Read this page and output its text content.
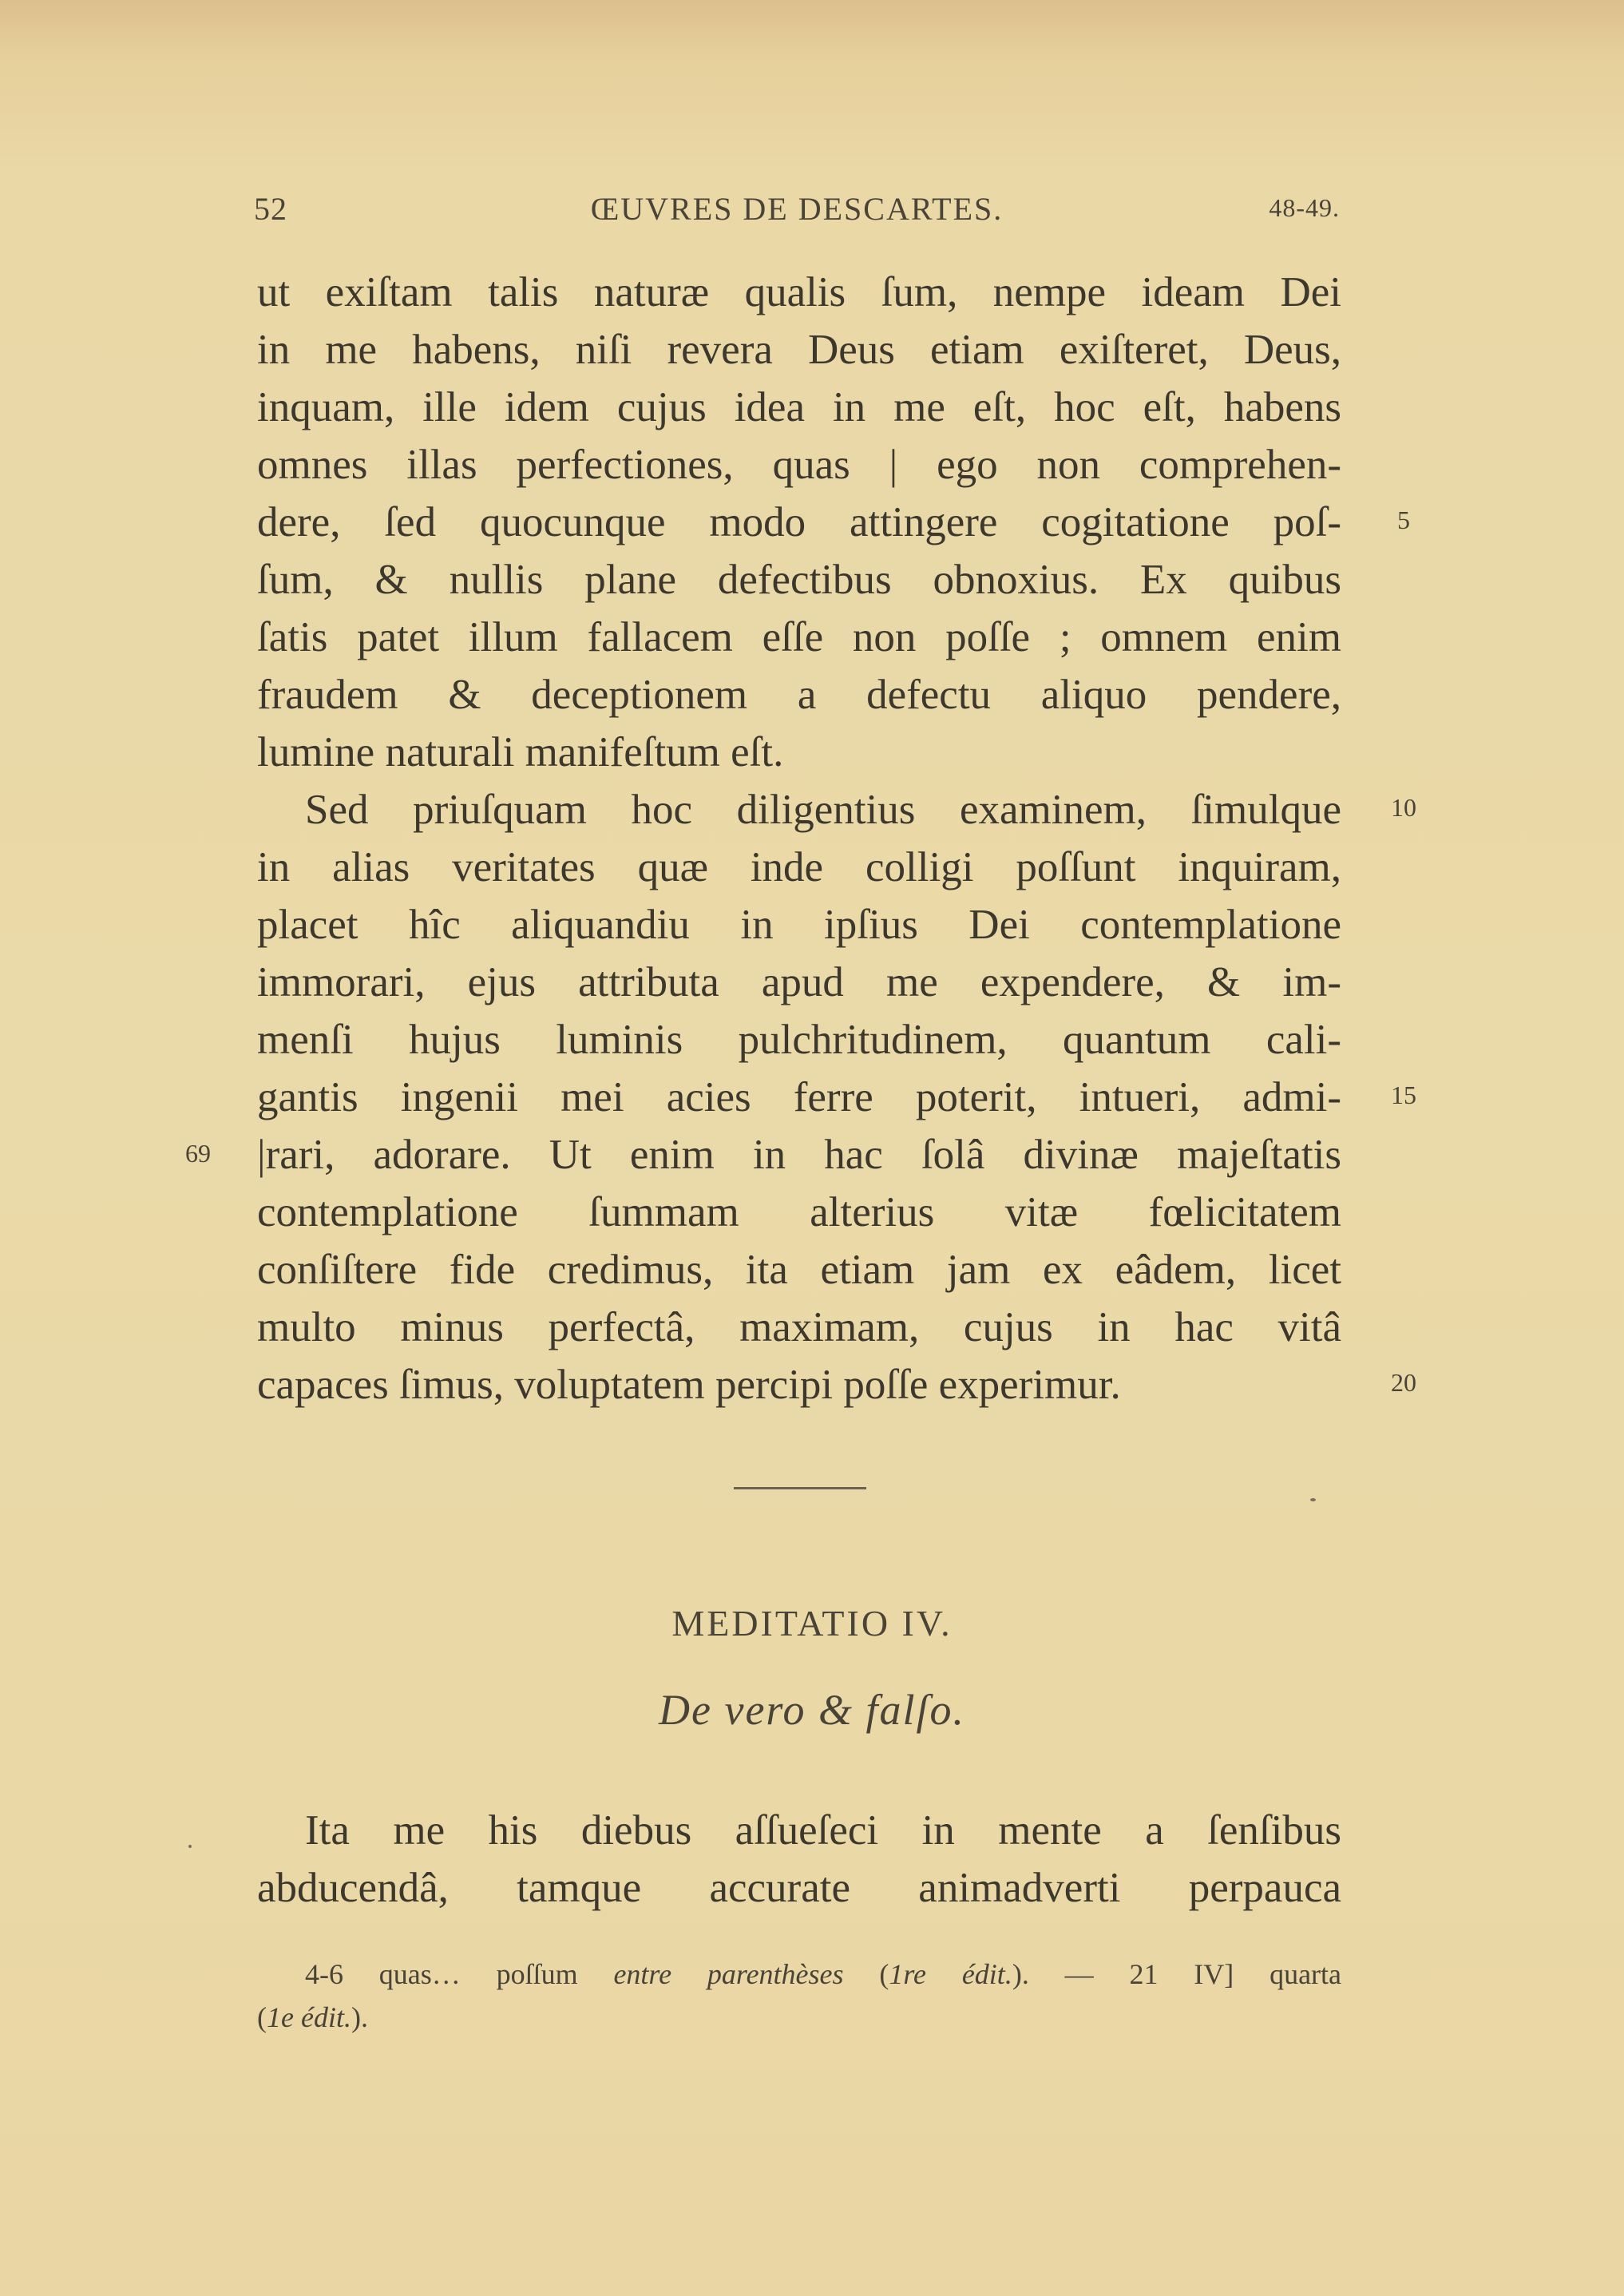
52	ŒUVRES DE DESCARTES.	48-49.
ut exiſtam talis naturæ qualis ſum, nempe ideam Dei
in me habens, niſi revera Deus etiam exiſteret, Deus,
inquam, ille idem cujus idea in me eſt, hoc eſt, habens
omnes illas perfectiones, quas | ego non comprehen-
dere, ſed quocunque modo attingere cogitatione poſ-
ſum, & nullis plane defectibus obnoxius. Ex quibus
ſatis patet illum fallacem eſſe non poſſe ; omnem enim
fraudem & deceptionem a defectu aliquo pendere,
lumine naturali manifeſtum eſt.
Sed priuſquam hoc diligentius examinem, ſimulque
in alias veritates quæ inde colligi poſſunt inquiram,
placet hîc aliquandiu in ipſius Dei contemplatione
immorari, ejus attributa apud me expendere, & im-
menſi hujus luminis pulchritudinem, quantum cali-
gantis ingenii mei acies ferre poterit, intueri, admi-
|rari, adorare. Ut enim in hac ſolâ divinæ majeſtatis
contemplatione ſummam alterius vitæ fœlicitatem
conſiſtere fide credimus, ita etiam jam ex eâdem, licet
multo minus perfectâ, maximam, cujus in hac vitâ
capaces ſimus, voluptatem percipi poſſe experimur.
5
10
15
20
69
MEDITATIO IV.
De vero & falſo.
Ita me his diebus aſſueſeci in mente a ſenſibus
abducendâ, tamque accurate animadverti perpauca
4-6 quas… poſſum entre parenthèses (1re édit.). — 21 IV] quarta
(1e édit.).
